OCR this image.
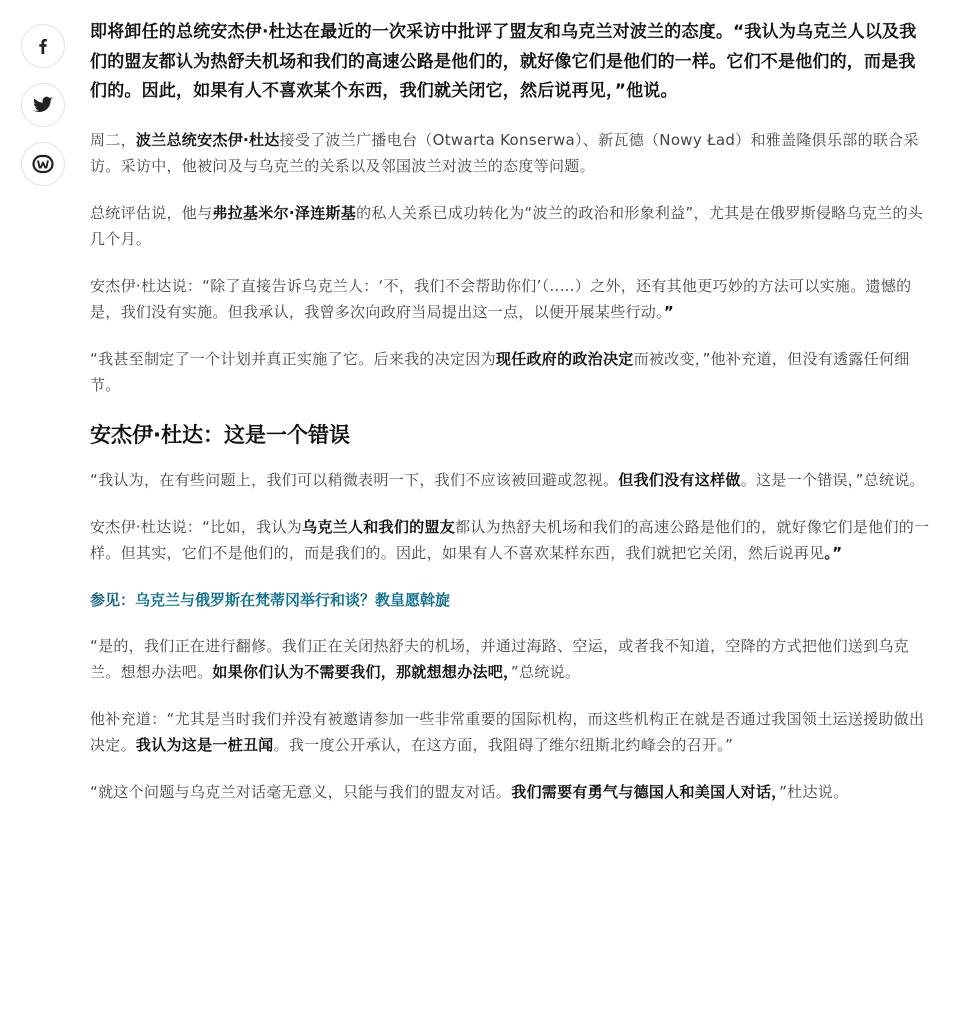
即将卸任的总统安杰伊·杜达在最近的一次采访中批评了盟友和乌克兰对波兰的态度。“我认为乌克兰人以及我们的盟友都认为热舒夫机场和我们的高速公路是他们的，就好像它们是他们的一样。它们不是他们的，而是我们的。因此，如果有人不喜欢某个东西，我们就关闭它，然后说再见，”他说。

周二，波兰总统安杰伊·杜达接受了波兰广播电台（Otwarta Konserwa）、新瓦德（Nowy Ład）和雅盖隆俱乐部的联合采访。采访中，他被问及与乌克兰的关系以及邻国波兰对波兰的态度等问题。

总统评估说，他与弗拉基米尔·泽连斯基的私人关系已成功转化为“波兰的政治和形象利益”，尤其是在俄罗斯侵略乌克兰的头几个月。

安杰伊·杜达说：“除了直接告诉乌克兰人：‘不，我们不会帮助你们’（.....）之外，还有其他更巧妙的方法可以实施。遗憾的是，我们没有实施。但我承认，我曾多次向政府当局提出这一点，以便开展某些行动。”

“我甚至制定了一个计划并真正实施了它。后来我的决定因为现任政府的政治决定而被改变，”他补充道，但没有透露任何细节。

安杰伊·杜达：这是一个错误

“我认为，在有些问题上，我们可以稍微表明一下，我们不应该被回避或忽视。但我们没有这样做。这是一个错误，”总统说。

安杰伊·杜达说：“比如，我认为乌克兰人和我们的盟友都认为热舒夫机场和我们的高速公路是他们的，就好像它们是他们的一样。但其实，它们不是他们的，而是我们的。因此，如果有人不喜欢某样东西，我们就把它关闭，然后说再见。”

参见：乌克兰与俄罗斯在梵蒂冈举行和谈？教皇愿斡旋

“是的，我们正在进行翻修。我们正在关闭热舒夫的机场，并通过海路、空运，或者我不知道，空降的方式把他们送到乌克兰。想想办法吧。如果你们认为不需要我们，那就想想办法吧，”总统说。

他补充道：“尤其是当时我们并没有被邀请参加一些非常重要的国际机构，而这些机构正在就是否通过我国领土运送援助做出决定。我认为这是一桩丑闻。我一度公开承认，在这方面，我阻碍了维尔纽斯北约峰会的召开。”

“就这个问题与乌克兰对话毫无意义，只能与我们的盟友对话。我们需要有勇气与德国人和美国人对话，”杜达说。
